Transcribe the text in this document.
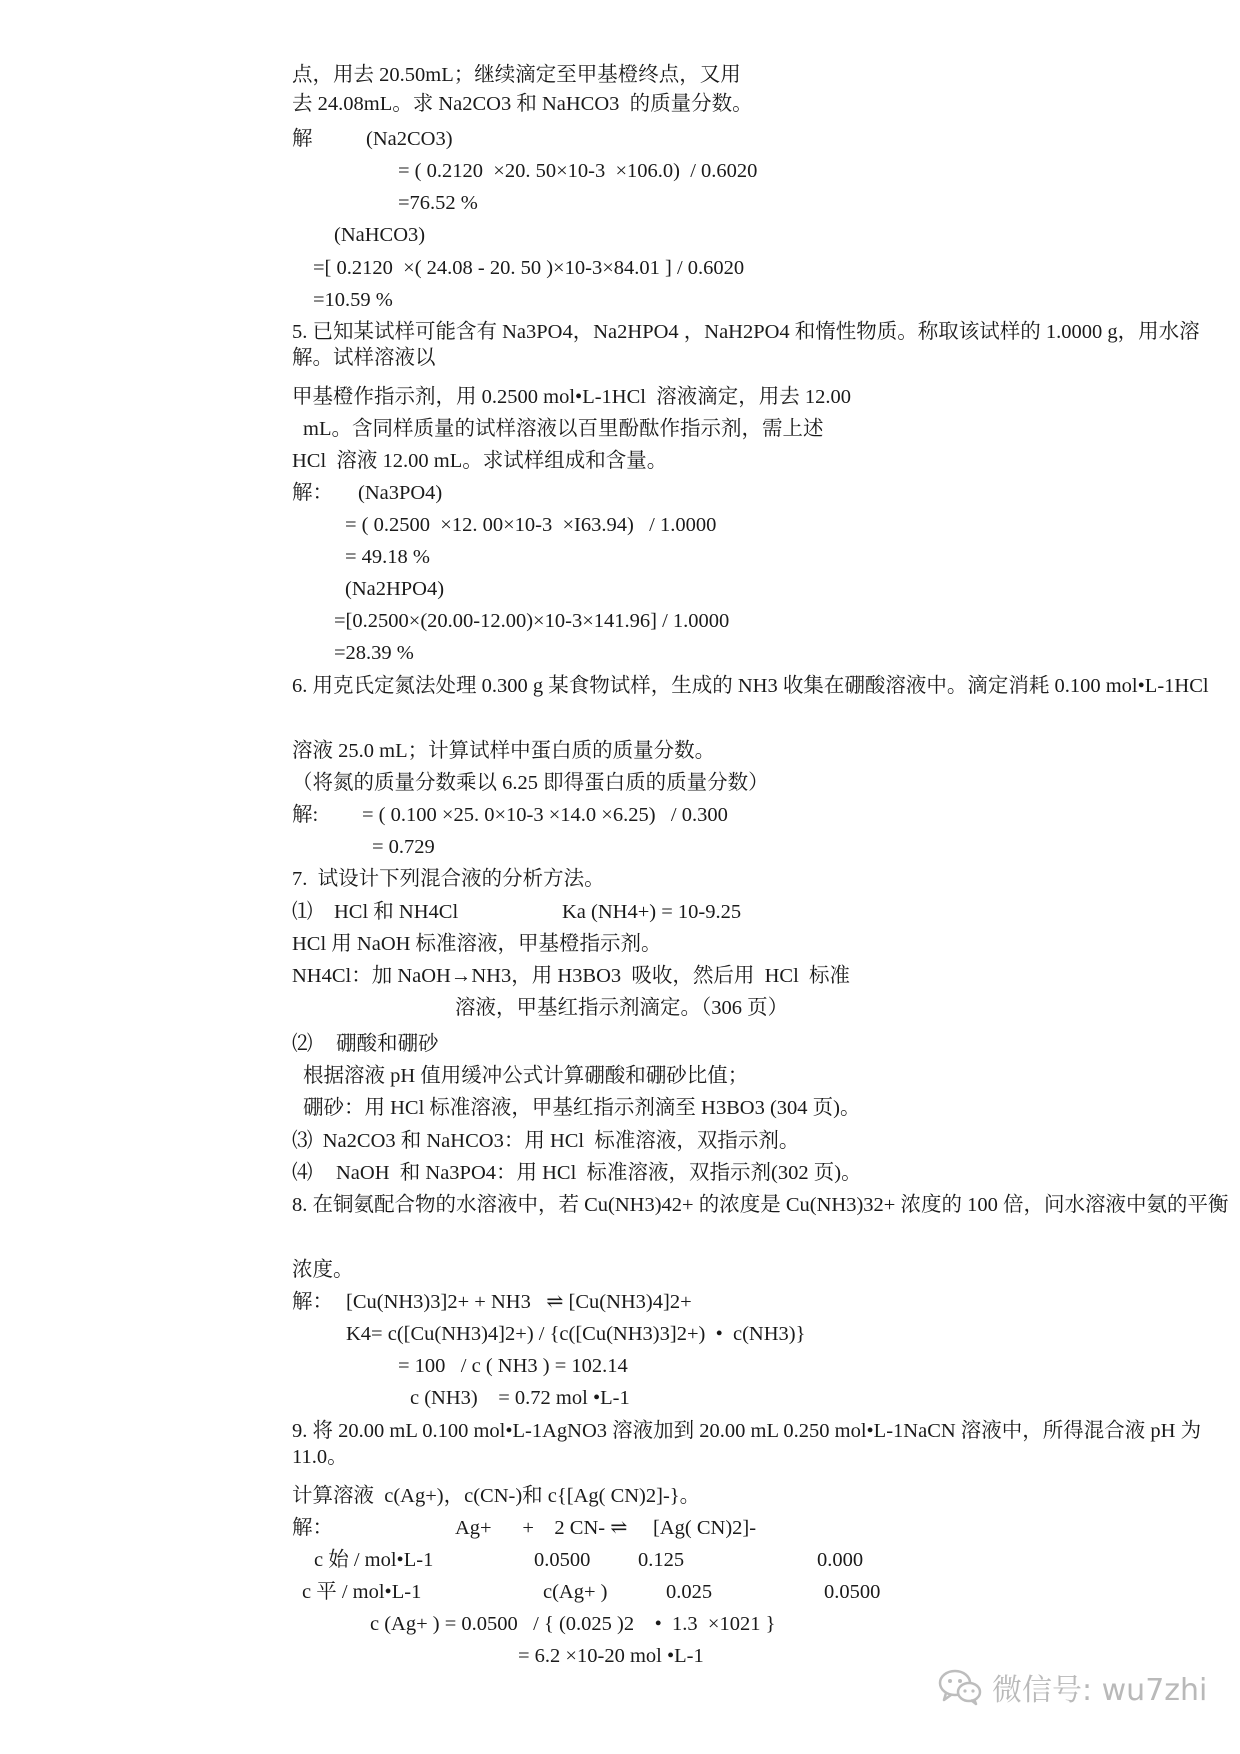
点，用去 20.50mL；继续滴定至甲基橙终点，又用
去 24.08mL。求 Na2CO3 和 NaHCO3  的质量分数。
解	(Na2CO3)
= ( 0.2120  ×20. 50×10-3  ×106.0)  / 0.6020
=76.52 %
(NaHCO3)
=[ 0.2120  ×( 24.08 - 20. 50 )×10-3×84.01 ] / 0.6020
=10.59 %
5. 已知某试样可能含有 Na3PO4，Na2HPO4 ，NaH2PO4 和惰性物质。称取该试样的 1.0000 g，用水溶解。试样溶液以
甲基橙作指示剂，用 0.2500 mol•L-1HCl  溶液滴定，用去 12.00
mL。含同样质量的试样溶液以百里酚酞作指示剂，需上述
HCl  溶液 12.00 mL。求试样组成和含量。
解： (Na3PO4)
= ( 0.2500  ×12. 00×10-3  ×I63.94)   / 1.0000
= 49.18 %
(Na2HPO4)
=[0.2500×(20.00-12.00)×10-3×141.96] / 1.0000
=28.39 %
6. 用克氏定氮法处理 0.300 g 某食物试样，生成的 NH3 收集在硼酸溶液中。滴定消耗 0.100 mol•L-1HCl
溶液 25.0 mL；计算试样中蛋白质的质量分数。
（将氮的质量分数乘以 6.25 即得蛋白质的质量分数）
解: = ( 0.100 ×25. 0×10-3 ×14.0 ×6.25)   / 0.300
= 0.729
7.  试设计下列混合液的分析方法。
⑴ HCl 和 NH4Cl	Ka (NH4+) = 10-9.25
HCl 用 NaOH 标准溶液，甲基橙指示剂。
NH4Cl：加 NaOH→NH3，用 H3BO3  吸收，然后用  HCl  标准
溶液，甲基红指示剂滴定。（306 页）
⑵ 硼酸和硼砂
根据溶液 pH 值用缓冲公式计算硼酸和硼砂比值；
硼砂：用 HCl 标准溶液，甲基红指示剂滴至 H3BO3 (304 页)。
⑶  Na2CO3 和 NaHCO3：用 HCl  标准溶液，双指示剂。
⑷ NaOH  和 Na3PO4：用 HCl  标准溶液，双指示剂(302 页)。
8. 在铜氨配合物的水溶液中，若 Cu(NH3)42+ 的浓度是 Cu(NH3)32+ 浓度的 100 倍，问水溶液中氨的平衡
浓度。
解： [Cu(NH3)3]2+ + NH3   ⇌ [Cu(NH3)4]2+
K4= c([Cu(NH3)4]2+) / {c([Cu(NH3)3]2+)  •  c(NH3)}
= 100   / c ( NH3 ) = 102.14
c (NH3)    = 0.72 mol •L-1
9. 将 20.00 mL 0.100 mol•L-1AgNO3 溶液加到 20.00 mL 0.250 mol•L-1NaCN 溶液中，所得混合液 pH 为 11.0。
计算溶液  c(Ag+)，c(CN-)和 c{[Ag( CN)2]-}。
解：	Ag+      +    2 CN- ⇌     [Ag( CN)2]-
c 始 / mol•L-1	0.0500 0.125	0.000
c 平 / mol•L-1	c(Ag+ )	0.025	0.0500
c (Ag+ ) = 0.0500   / { (0.025 )2    •  1.3  ×1021 }
= 6.2 ×10-20 mol •L-1
微信号: wu7zhi
